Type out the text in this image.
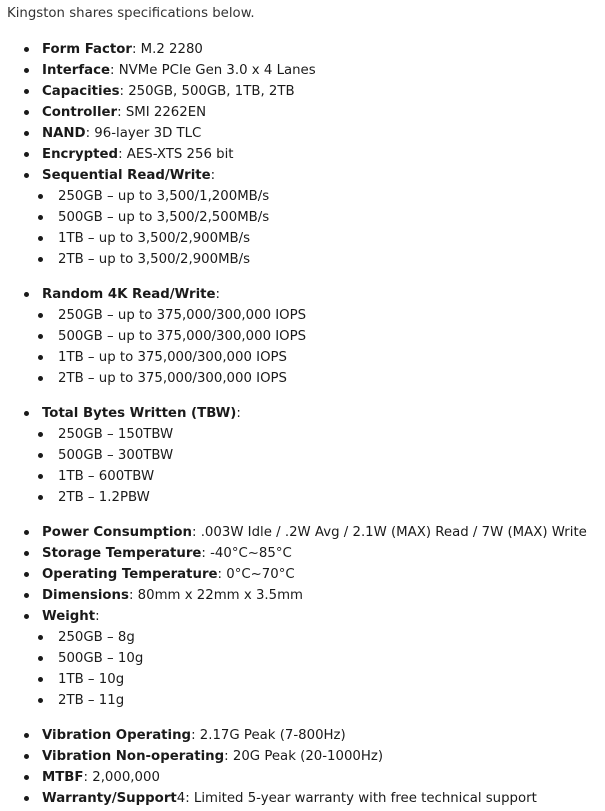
Kingston shares specifications below.

Form Factor: M.2 2280
Interface: NVMe PCIe Gen 3.0 x 4 Lanes
Capacities: 250GB, 500GB, 1TB, 2TB
Controller: SMI 2262EN
NAND: 96-layer 3D TLC
Encrypted: AES-XTS 256 bit
Sequential Read/Write:
250GB – up to 3,500/1,200MB/s
500GB – up to 3,500/2,500MB/s
1TB – up to 3,500/2,900MB/s
2TB – up to 3,500/2,900MB/s
Random 4K Read/Write:
250GB – up to 375,000/300,000 IOPS
500GB – up to 375,000/300,000 IOPS
1TB – up to 375,000/300,000 IOPS
2TB – up to 375,000/300,000 IOPS
Total Bytes Written (TBW):
250GB – 150TBW
500GB – 300TBW
1TB – 600TBW
2TB – 1.2PBW
Power Consumption: .003W Idle / .2W Avg / 2.1W (MAX) Read / 7W (MAX) Write
Storage Temperature: -40°C~85°C
Operating Temperature: 0°C~70°C
Dimensions: 80mm x 22mm x 3.5mm
Weight:
250GB – 8g
500GB – 10g
1TB – 10g
2TB – 11g
Vibration Operating: 2.17G Peak (7-800Hz)
Vibration Non-operating: 20G Peak (20-1000Hz)
MTBF: 2,000,000
Warranty/Support4: Limited 5-year warranty with free technical support
